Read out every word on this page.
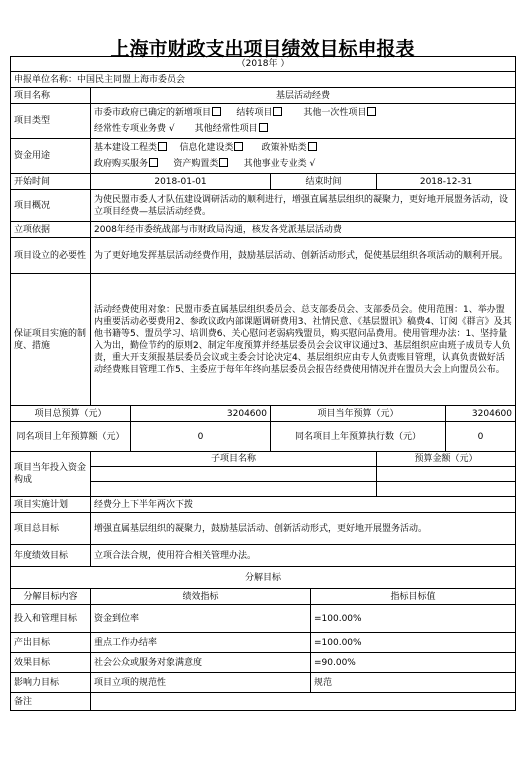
上海市财政支出项目绩效目标申报表
（2018年 ）						
申报单位名称：中国民主同盟上海市委员会						
项目名称	基层活动经费					
项目类型	市委市政府已确定的新增项目 结转项目 其他一次性项目
经常性专项业务费 √ 其他经常性项目					
资金用途	基本建设工程类 信息化建设类 政策补贴类
政府购买服务 资产购置类 其他事业专业类 √					
开始时间	2018-01-01		结束时间		2018-12-31	
项目概况	为使民盟市委人才队伍建设调研活动的顺利进行，增强直属基层组织的凝聚力，更好地开展盟务活动，设立项目经费—基层活动经费。					
立项依据	2008年经市委统战部与市财政局沟通，核发各党派基层活动费					
项目设立的必要性	为了更好地发挥基层活动经费作用，鼓励基层活动、创新活动形式，促使基层组织各项活动的顺利开展。					
保证项目实施的制度、措施	活动经费使用对象：民盟市委直属基层组织委员会、总支部委员会、支部委员会。使用范围：1、举办盟内重要活动必要费用2、参政议政内部课题调研费用3、社情民意、《基层盟讯》稿费4、订阅《群言》及其他书籍等5、盟员学习、培训费6、关心慰问老弱病残盟员，购买慰问品费用。使用管理办法：1、坚持量入为出，勤俭节约的原则2、制定年度预算并经基层委员会会议审议通过3、基层组织应由班子成员专人负责，重大开支须报基层委员会议或主委会讨论决定4、基层组织应由专人负责账目管理，认真负责做好活动经费账目管理工作5、主委应于每年年终向基层委员会报告经费使用情况并在盟员大会上向盟员公布。					
项目总预算（元）		3204600	项目当年预算（元）			3204600
同名项目上年预算额（元）		0	同名项目上年预算执行数（元）			0
项目当年投入资金构成	子项目名称				预算金额（元）	

项目实施计划	经费分上下半年两次下拨					
项目总目标	增强直属基层组织的凝聚力，鼓励基层活动、创新活动形式，更好地开展盟务活动。					
年度绩效目标	立项合法合规，使用符合相关管理办法。					
分解目标						
分解目标内容	绩效指标			指标目标值		
投入和管理目标	资金到位率			=100.00%		
产出目标	重点工作办结率			=100.00%		
效果目标	社会公众或服务对象满意度			=90.00%		
影响力目标	项目立项的规范性			规范		
备注						
